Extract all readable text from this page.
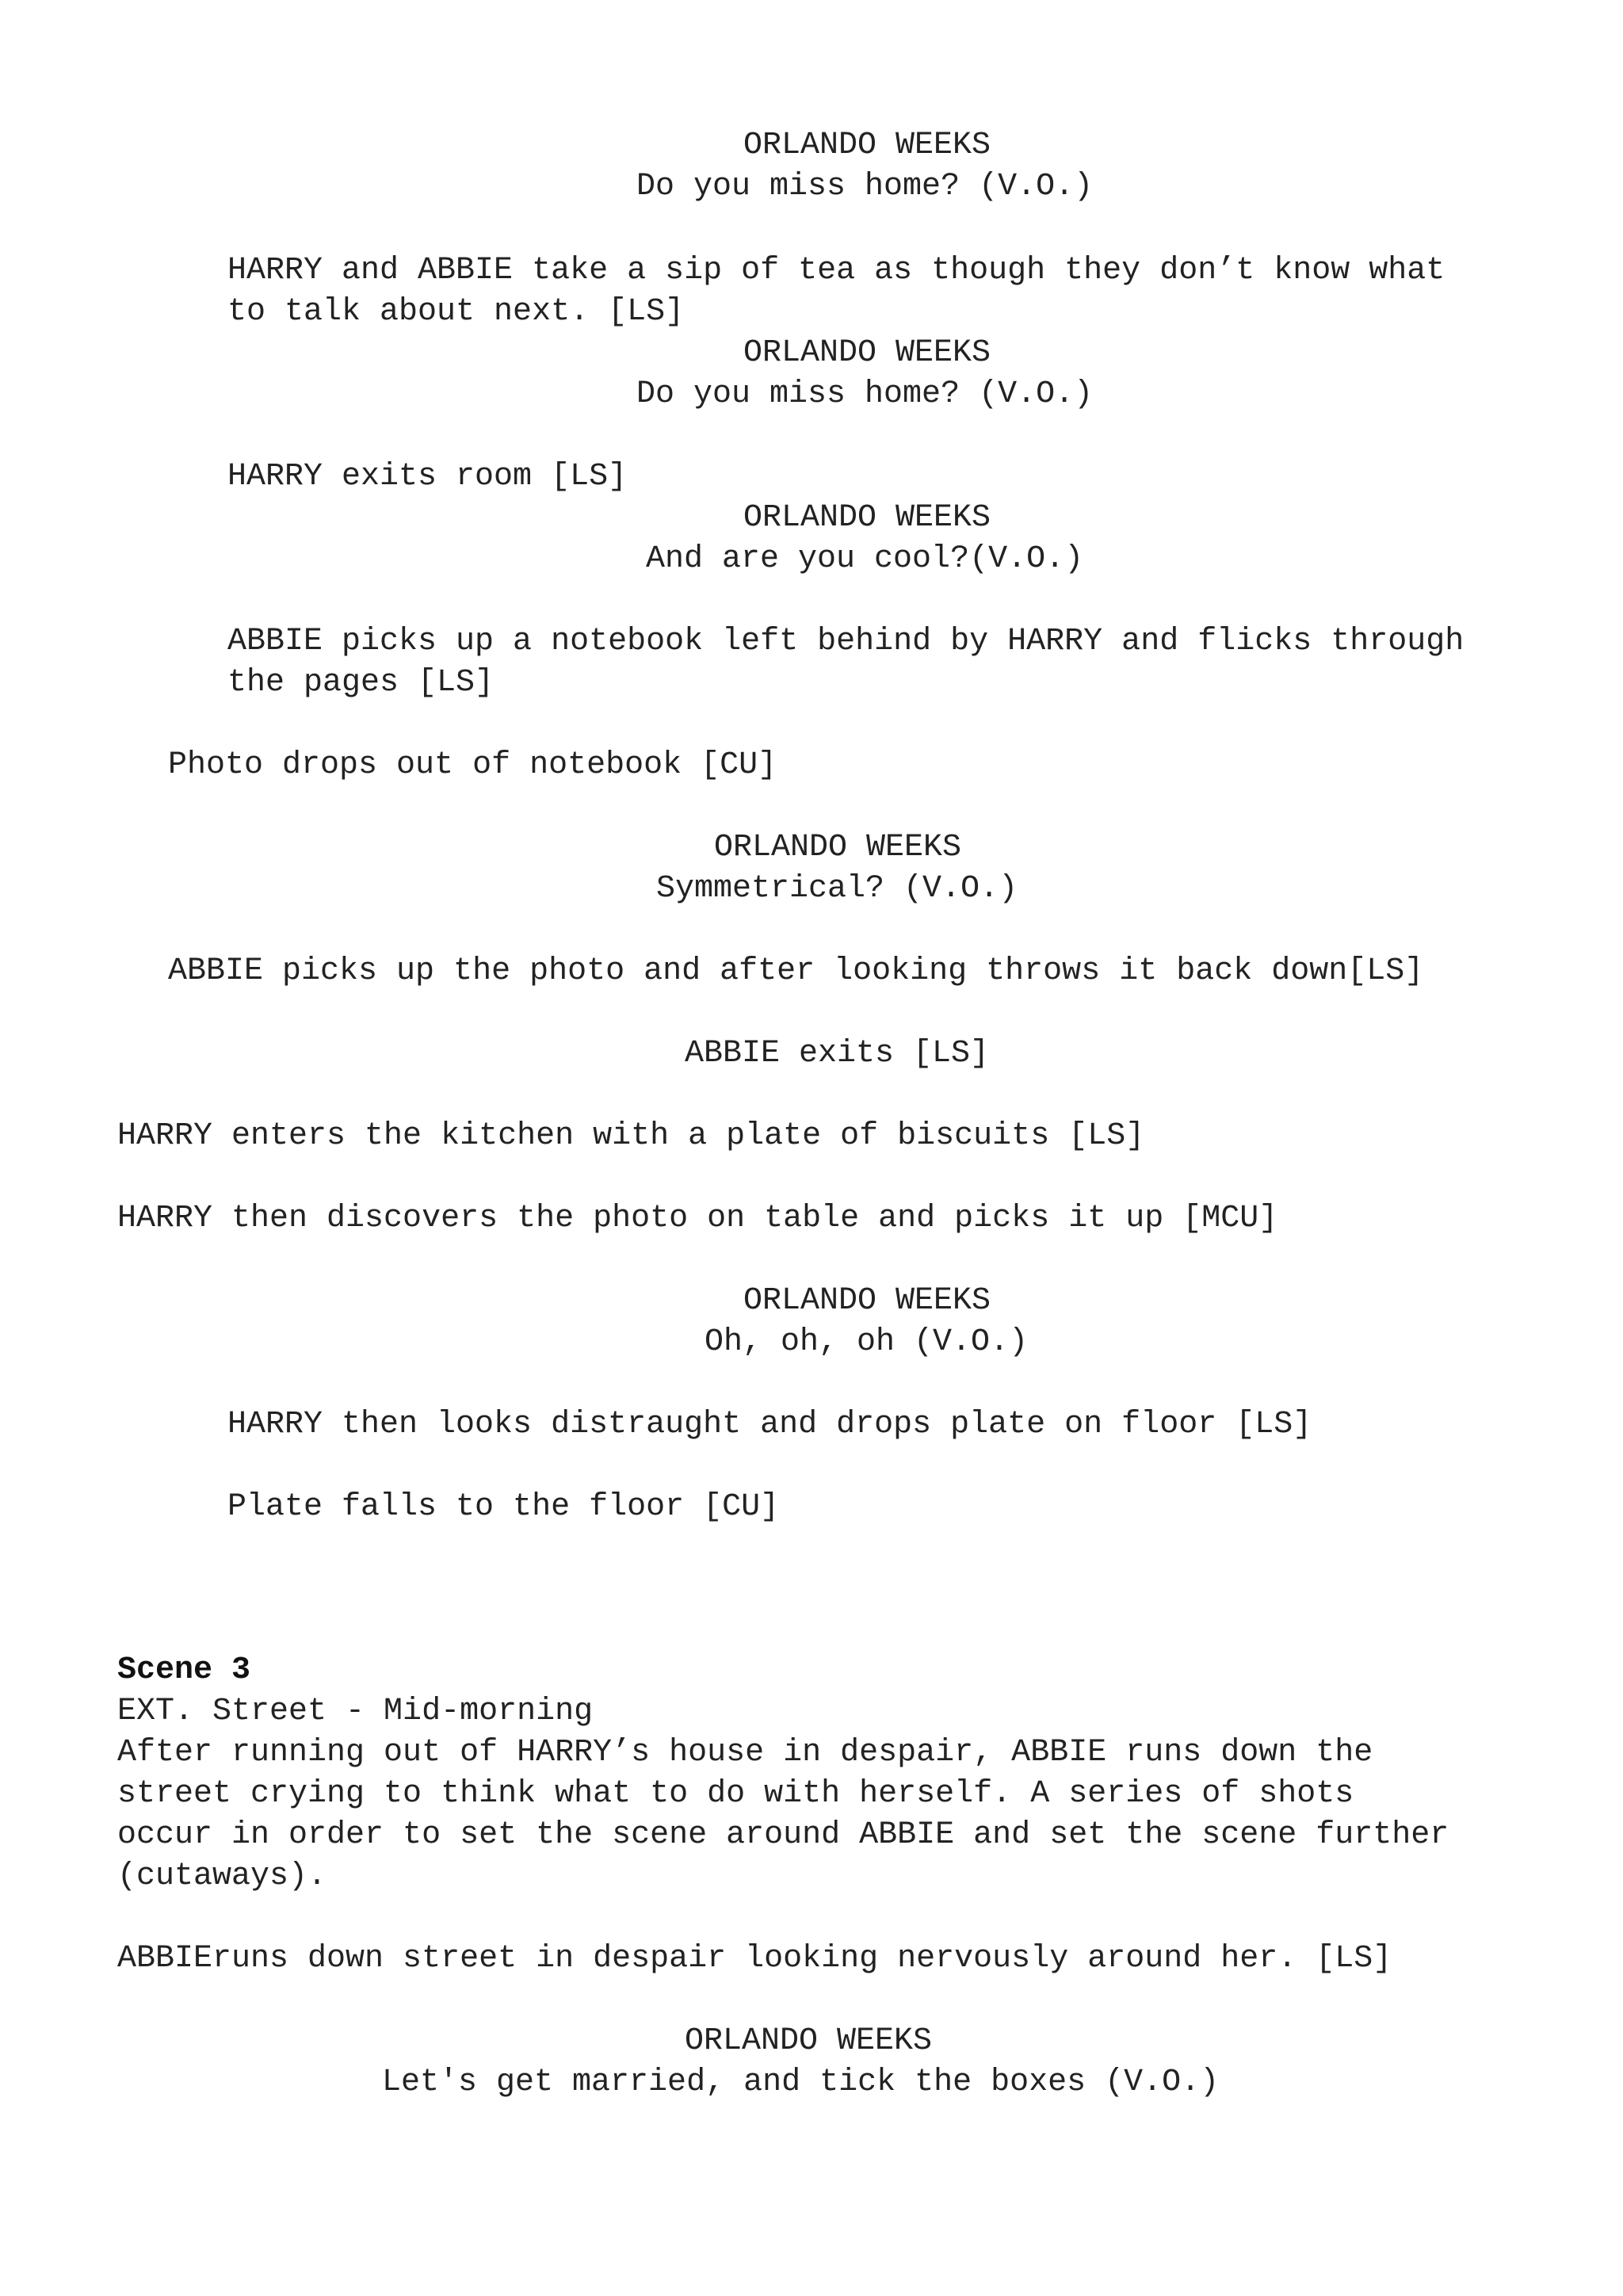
ORLANDO WEEKS

Do you miss home? (V.O.)

HARRY and ABBIE take a sip of tea as though they don’t know what

to talk about next. [LS]

ORLANDO WEEKS

Do you miss home? (V.O.)

HARRY exits room [LS]

ORLANDO WEEKS

And are you cool?(V.O.)

ABBIE picks up a notebook left behind by HARRY and flicks through

the pages [LS]

Photo drops out of notebook [CU]

ORLANDO WEEKS

Symmetrical? (V.O.)

ABBIE picks up the photo and after looking throws it back down[LS]

ABBIE exits [LS]

HARRY enters the kitchen with a plate of biscuits [LS]

HARRY then discovers the photo on table and picks it up [MCU]

ORLANDO WEEKS

Oh, oh, oh (V.O.)

HARRY then looks distraught and drops plate on floor [LS]

Plate falls to the floor [CU]

Scene 3

EXT. Street - Mid-morning

After running out of HARRY’s house in despair, ABBIE runs down the

street crying to think what to do with herself. A series of shots

occur in order to set the scene around ABBIE and set the scene further

(cutaways).

ABBIEruns down street in despair looking nervously around her. [LS]

ORLANDO WEEKS

Let's get married, and tick the boxes (V.O.)
